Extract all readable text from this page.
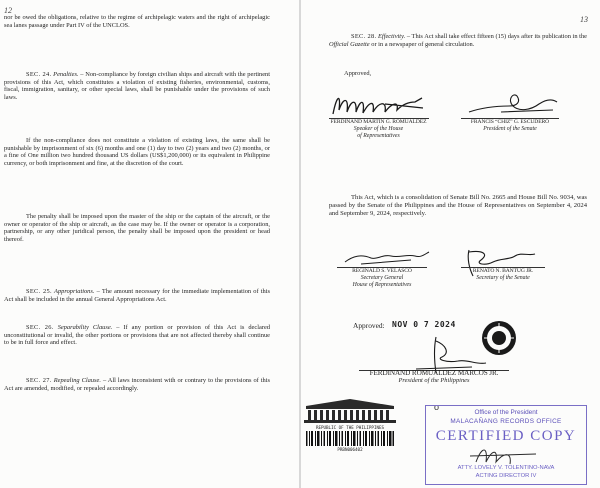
12

nor be owed the obligations, relative to the regime of archipelagic waters and the right of archipelagic sea lanes passage under Part IV of the UNCLOS.

SEC. 24. Penalties. – Non-compliance by foreign civilian ships and aircraft with the pertinent provisions of this Act, which constitutes a violation of existing fisheries, environmental, customs, fiscal, immigration, sanitary, or other special laws, shall be punishable under the provisions of such laws.

If the non-compliance does not constitute a violation of existing laws, the same shall be punishable by imprisonment of six (6) months and one (1) day to two (2) years and two (2) months, or a fine of One million two hundred thousand US dollars (US$1,200,000) or its equivalent in Philippine currency, or both imprisonment and fine, at the discretion of the court.

The penalty shall be imposed upon the master of the ship or the captain of the aircraft, or the owner or operator of the ship or aircraft, as the case may be. If the owner or operator is a corporation, partnership, or any other juridical person, the penalty shall be imposed upon the president or head thereof.

SEC. 25. Appropriations. – The amount necessary for the immediate implementation of this Act shall be included in the annual General Appropriations Act.

SEC. 26. Separability Clause. – If any portion or provision of this Act is declared unconstitutional or invalid, the other portions or provisions that are not affected thereby shall continue to be in full force and effect.

SEC. 27. Repealing Clause. – All laws inconsistent with or contrary to the provisions of this Act are amended, modified, or repealed accordingly.

13

SEC. 28. Effectivity. – This Act shall take effect fifteen (15) days after its publication in the Official Gazette or in a newspaper of general circulation.

Approved,
FERDINAND MARTIN G. ROMUALDEZ
Speaker of the House
of Representatives
FRANCIS “CHIZ” G. ESCUDERO
President of the Senate

This Act, which is a consolidation of Senate Bill No. 2665 and House Bill No. 9034, was passed by the Senate of the Philippines and the House of Representatives on September 4, 2024 and September 9, 2024, respectively.

REGINALD S. VELASCO
Secretary General
House of Representatives
RENATO N. BANTUG JR.
Secretary of the Senate
Approved: NOV 0 7 2024
FERDINAND ROMUALDEZ MARCOS JR.
President of the Philippines
o
REPUBLIC OF THE PHILIPPINES
PRBN006402
Office of the President
MALACAÑANG RECORDS OFFICE
CERTIFIED COPY
ATTY. LOVELY V. TOLENTINO-NAVA
ACTING DIRECTOR IV
